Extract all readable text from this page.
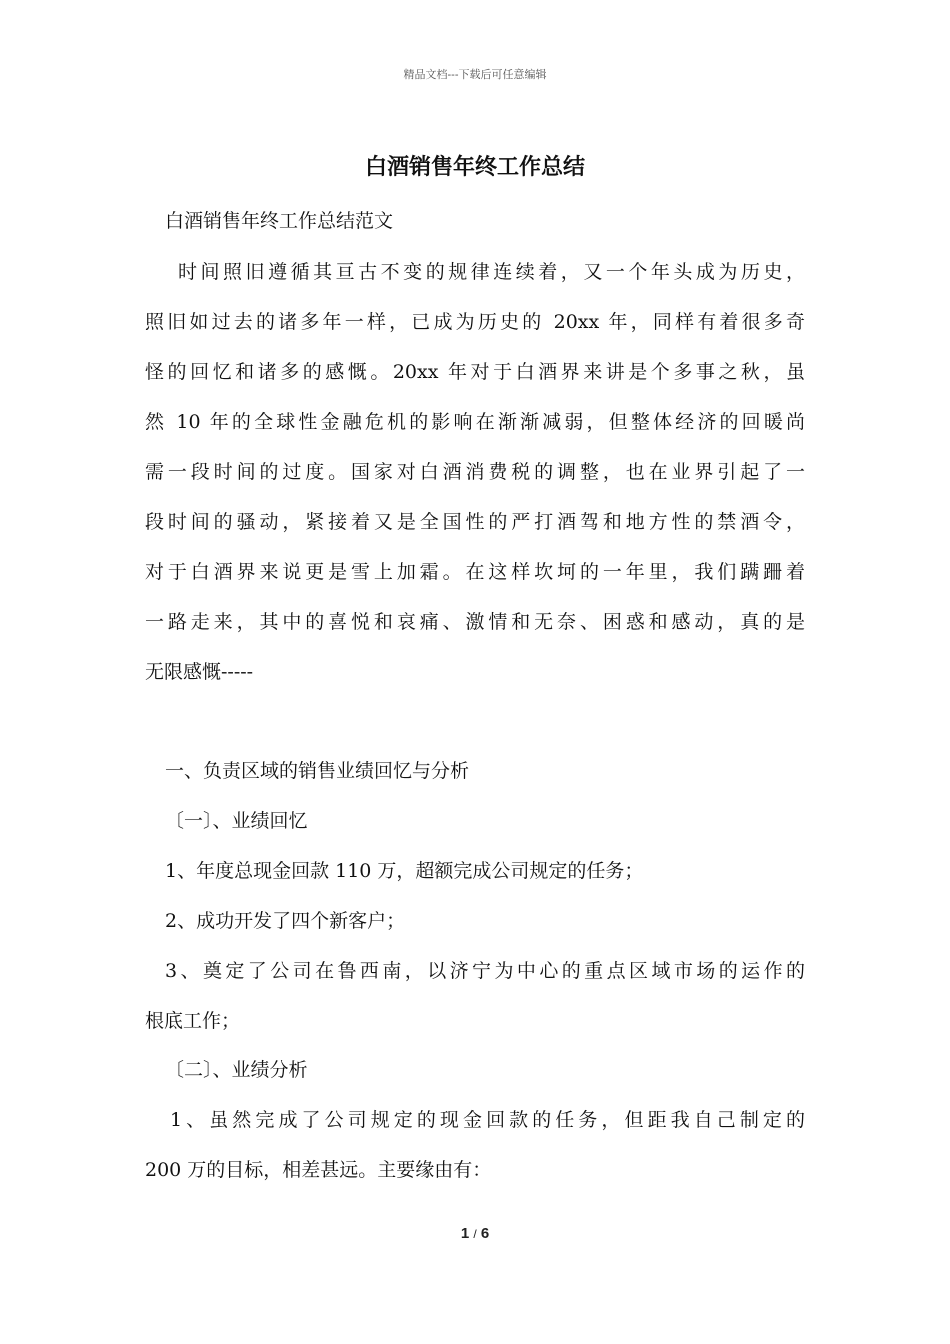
精品文档---下载后可任意编辑
白酒销售年终工作总结

白酒销售年终工作总结范文

时间照旧遵循其亘古不变的规律连续着，又一个年头成为历史，

照旧如过去的诸多年一样，已成为历史的 20xx 年，同样有着很多奇

怪的回忆和诸多的感慨。20xx 年对于白酒界来讲是个多事之秋，虽

然 10 年的全球性金融危机的影响在渐渐减弱，但整体经济的回暖尚

需一段时间的过度。国家对白酒消费税的调整，也在业界引起了一

段时间的骚动，紧接着又是全国性的严打酒驾和地方性的禁酒令，

对于白酒界来说更是雪上加霜。在这样坎坷的一年里，我们蹒跚着

一路走来，其中的喜悦和哀痛、激情和无奈、困惑和感动，真的是

无限感慨-----

一、负责区域的销售业绩回忆与分析

〔一〕、业绩回忆

1、年度总现金回款 110 万，超额完成公司规定的任务；

2、成功开发了四个新客户；

3、奠定了公司在鲁西南，以济宁为中心的重点区域市场的运作的

根底工作；

〔二〕、业绩分析

1、虽然完成了公司规定的现金回款的任务，但距我自己制定的

200 万的目标，相差甚远。主要缘由有：

1 / 6
